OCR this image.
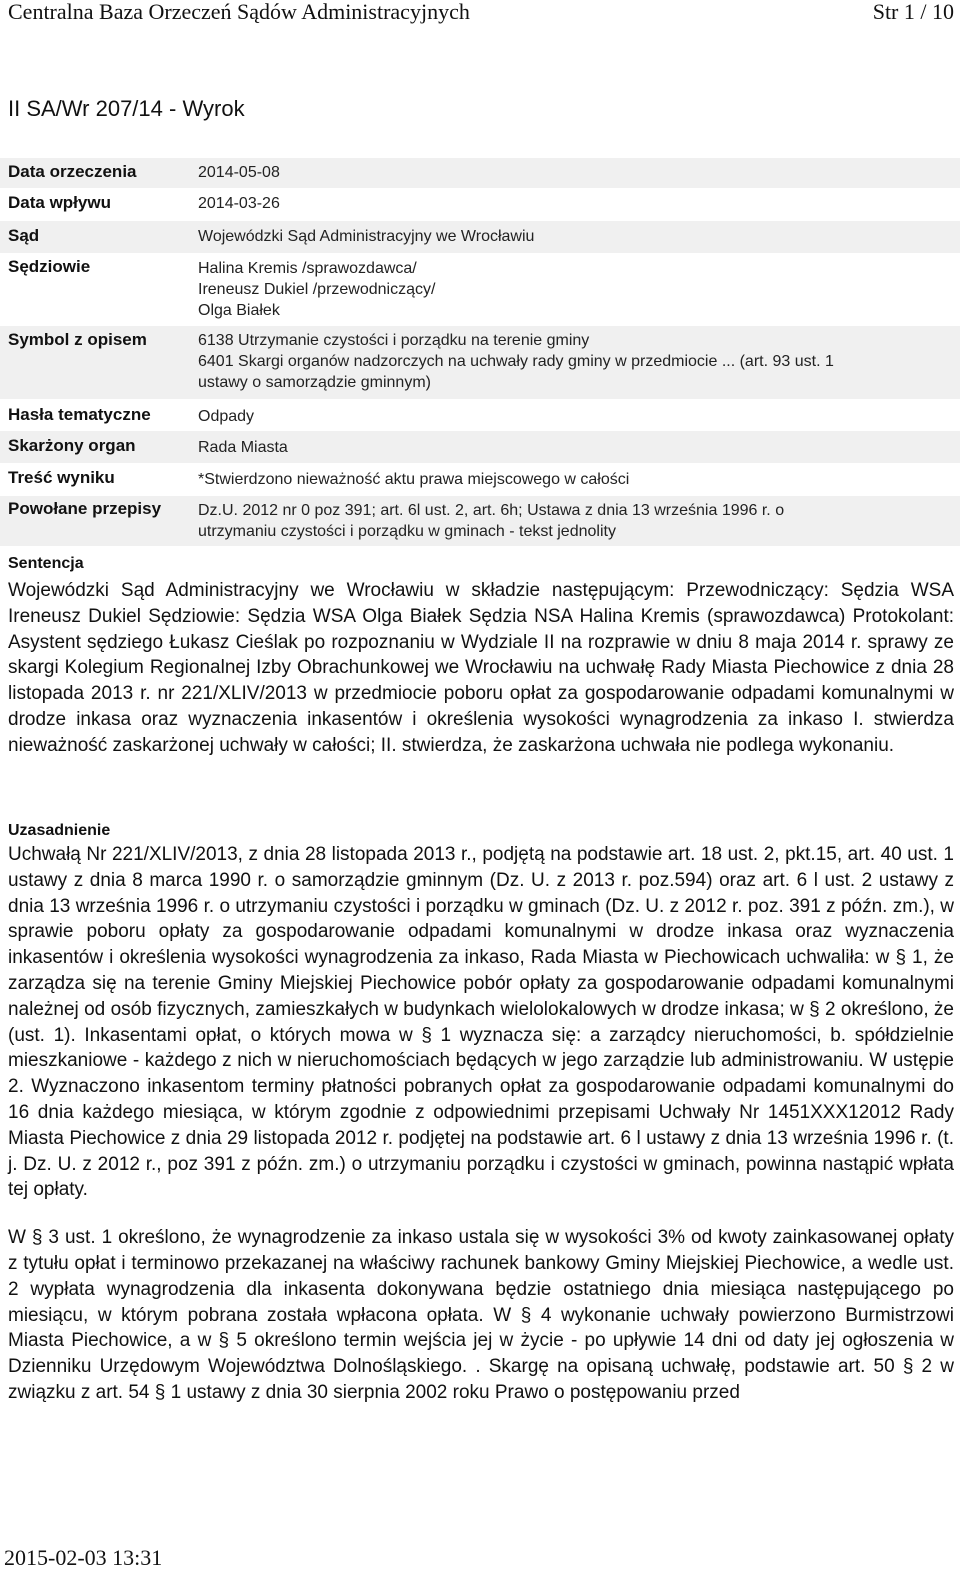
Centralna Baza Orzeczeń Sądów Administracyjnych	Str 1 / 10
II SA/Wr 207/14 - Wyrok
Data orzeczenia	2014-05-08
Data wpływu	2014-03-26
Sąd	Wojewódzki Sąd Administracyjny we Wrocławiu
Sędziowie	Halina Kremis /sprawozdawca/
Ireneusz Dukiel /przewodniczący/
Olga Białek
Symbol z opisem	6138 Utrzymanie czystości i porządku na terenie gminy
6401 Skargi organów nadzorczych na uchwały rady gminy w przedmiocie ... (art. 93 ust. 1
ustawy o samorządzie gminnym)
Hasła tematyczne	Odpady
Skarżony organ	Rada Miasta
Treść wyniku	*Stwierdzono nieważność aktu prawa miejscowego w całości
Powołane przepisy Dz.U. 2012 nr 0 poz 391; art. 6l ust. 2, art. 6h; Ustawa z dnia 13 września 1996 r. o
utrzymaniu czystości i porządku w gminach - tekst jednolity
Sentencja

Wojewódzki Sąd Administracyjny we Wrocławiu w składzie następującym: Przewodniczący: Sędzia WSA Ireneusz Dukiel Sędziowie: Sędzia WSA Olga Białek Sędzia NSA Halina Kremis (sprawozdawca) Protokolant: Asystent sędziego Łukasz Cieślak po rozpoznaniu w Wydziale II na rozprawie w dniu 8 maja 2014 r. sprawy ze skargi Kolegium Regionalnej Izby Obrachunkowej we Wrocławiu na uchwałę Rady Miasta Piechowice z dnia 28 listopada 2013 r. nr 221/XLIV/2013 w przedmiocie poboru opłat za gospodarowanie odpadami komunalnymi w drodze inkasa oraz wyznaczenia inkasentów i określenia wysokości wynagrodzenia za inkaso I. stwierdza nieważność zaskarżonej uchwały w całości; II. stwierdza, że zaskarżona uchwała nie podlega wykonaniu.

Uzasadnienie

Uchwałą Nr 221/XLIV/2013, z dnia 28 listopada 2013 r., podjętą na podstawie art. 18 ust. 2, pkt.15, art. 40 ust. 1 ustawy z dnia 8 marca 1990 r. o samorządzie gminnym (Dz. U. z 2013 r. poz.594) oraz art. 6 l ust. 2 ustawy z dnia 13 września 1996 r. o utrzymaniu czystości i porządku w gminach (Dz. U. z 2012 r. poz. 391 z późn. zm.), w sprawie poboru opłaty za gospodarowanie odpadami komunalnymi w drodze inkasa oraz wyznaczenia inkasentów i określenia wysokości wynagrodzenia za inkaso, Rada Miasta w Piechowicach uchwaliła: w § 1, że zarządza się na terenie Gminy Miejskiej Piechowice pobór opłaty za gospodarowanie odpadami komunalnymi należnej od osób fizycznych, zamieszkałych w budynkach wielolokalowych w drodze inkasa; w § 2 określono, że (ust. 1). Inkasentami opłat, o których mowa w § 1 wyznacza się: a zarządcy nieruchomości, b. spółdzielnie mieszkaniowe - każdego z nich w nieruchomościach będących w jego zarządzie lub administrowaniu. W ustępie 2. Wyznaczono inkasentom terminy płatności pobranych opłat za gospodarowanie odpadami komunalnymi do 16 dnia każdego miesiąca, w którym zgodnie z odpowiednimi przepisami Uchwały Nr 1451XXX12012 Rady Miasta Piechowice z dnia 29 listopada 2012 r. podjętej na podstawie art. 6 l ustawy z dnia 13 września 1996 r. (t. j. Dz. U. z 2012 r., poz 391 z późn. zm.) o utrzymaniu porządku i czystości w gminach, powinna nastąpić wpłata tej opłaty.

W § 3 ust. 1 określono, że wynagrodzenie za inkaso ustala się w wysokości 3% od kwoty zainkasowanej opłaty z tytułu opłat i terminowo przekazanej na właściwy rachunek bankowy Gminy Miejskiej Piechowice, a wedle ust. 2 wypłata wynagrodzenia dla inkasenta dokonywana będzie ostatniego dnia miesiąca następującego po miesiącu, w którym pobrana została wpłacona opłata. W § 4 wykonanie uchwały powierzono Burmistrzowi Miasta Piechowice, a w § 5 określono termin wejścia jej w życie - po upływie 14 dni od daty jej ogłoszenia w Dzienniku Urzędowym Województwa Dolnośląskiego. . Skargę na opisaną uchwałę, podstawie art. 50 § 2 w związku z art. 54 § 1 ustawy z dnia 30 sierpnia 2002 roku Prawo o postępowaniu przed

2015-02-03 13:31
